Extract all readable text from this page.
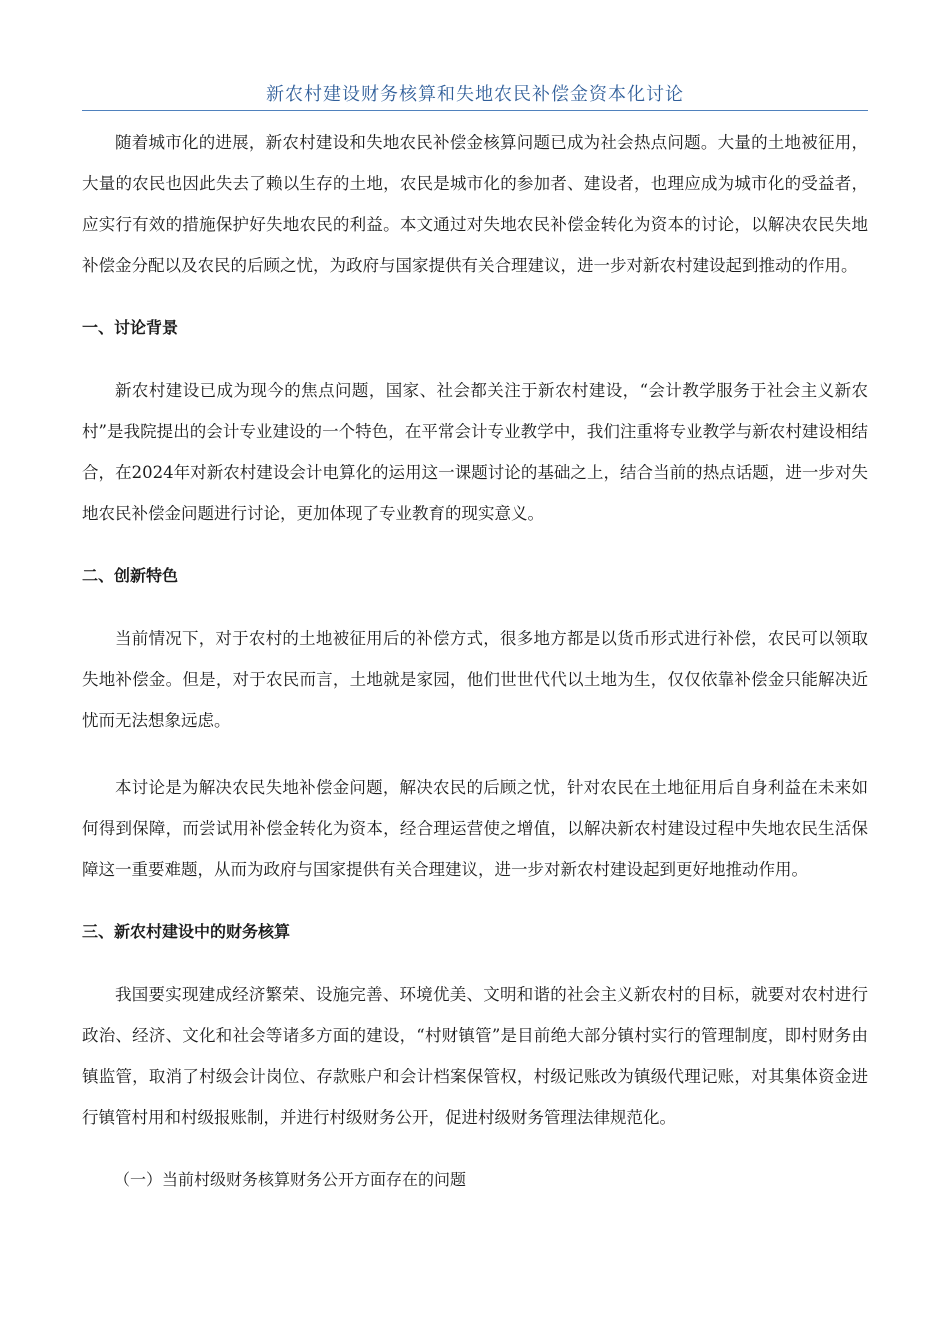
新农村建设财务核算和失地农民补偿金资本化讨论

随着城市化的进展，新农村建设和失地农民补偿金核算问题已成为社会热点问题。大量的土地被征用，大量的农民也因此失去了赖以生存的土地，农民是城市化的参加者、建设者，也理应成为城市化的受益者，应实行有效的措施保护好失地农民的利益。本文通过对失地农民补偿金转化为资本的讨论，以解决农民失地补偿金分配以及农民的后顾之忧，为政府与国家提供有关合理建议，进一步对新农村建设起到推动的作用。

一、讨论背景

新农村建设已成为现今的焦点问题，国家、社会都关注于新农村建设，“会计教学服务于社会主义新农村”是我院提出的会计专业建设的一个特色，在平常会计专业教学中，我们注重将专业教学与新农村建设相结合，在2024年对新农村建设会计电算化的运用这一课题讨论的基础之上，结合当前的热点话题，进一步对失地农民补偿金问题进行讨论，更加体现了专业教育的现实意义。

二、创新特色

当前情况下，对于农村的土地被征用后的补偿方式，很多地方都是以货币形式进行补偿，农民可以领取失地补偿金。但是，对于农民而言，土地就是家园，他们世世代代以土地为生，仅仅依靠补偿金只能解决近忧而无法想象远虑。

本讨论是为解决农民失地补偿金问题，解决农民的后顾之忧，针对农民在土地征用后自身利益在未来如何得到保障，而尝试用补偿金转化为资本，经合理运营使之增值，以解决新农村建设过程中失地农民生活保障这一重要难题，从而为政府与国家提供有关合理建议，进一步对新农村建设起到更好地推动作用。

三、新农村建设中的财务核算

我国要实现建成经济繁荣、设施完善、环境优美、文明和谐的社会主义新农村的目标，就要对农村进行政治、经济、文化和社会等诸多方面的建设，“村财镇管”是目前绝大部分镇村实行的管理制度，即村财务由镇监管，取消了村级会计岗位、存款账户和会计档案保管权，村级记账改为镇级代理记账，对其集体资金进行镇管村用和村级报账制，并进行村级财务公开，促进村级财务管理法律规范化。

（一）当前村级财务核算财务公开方面存在的问题
